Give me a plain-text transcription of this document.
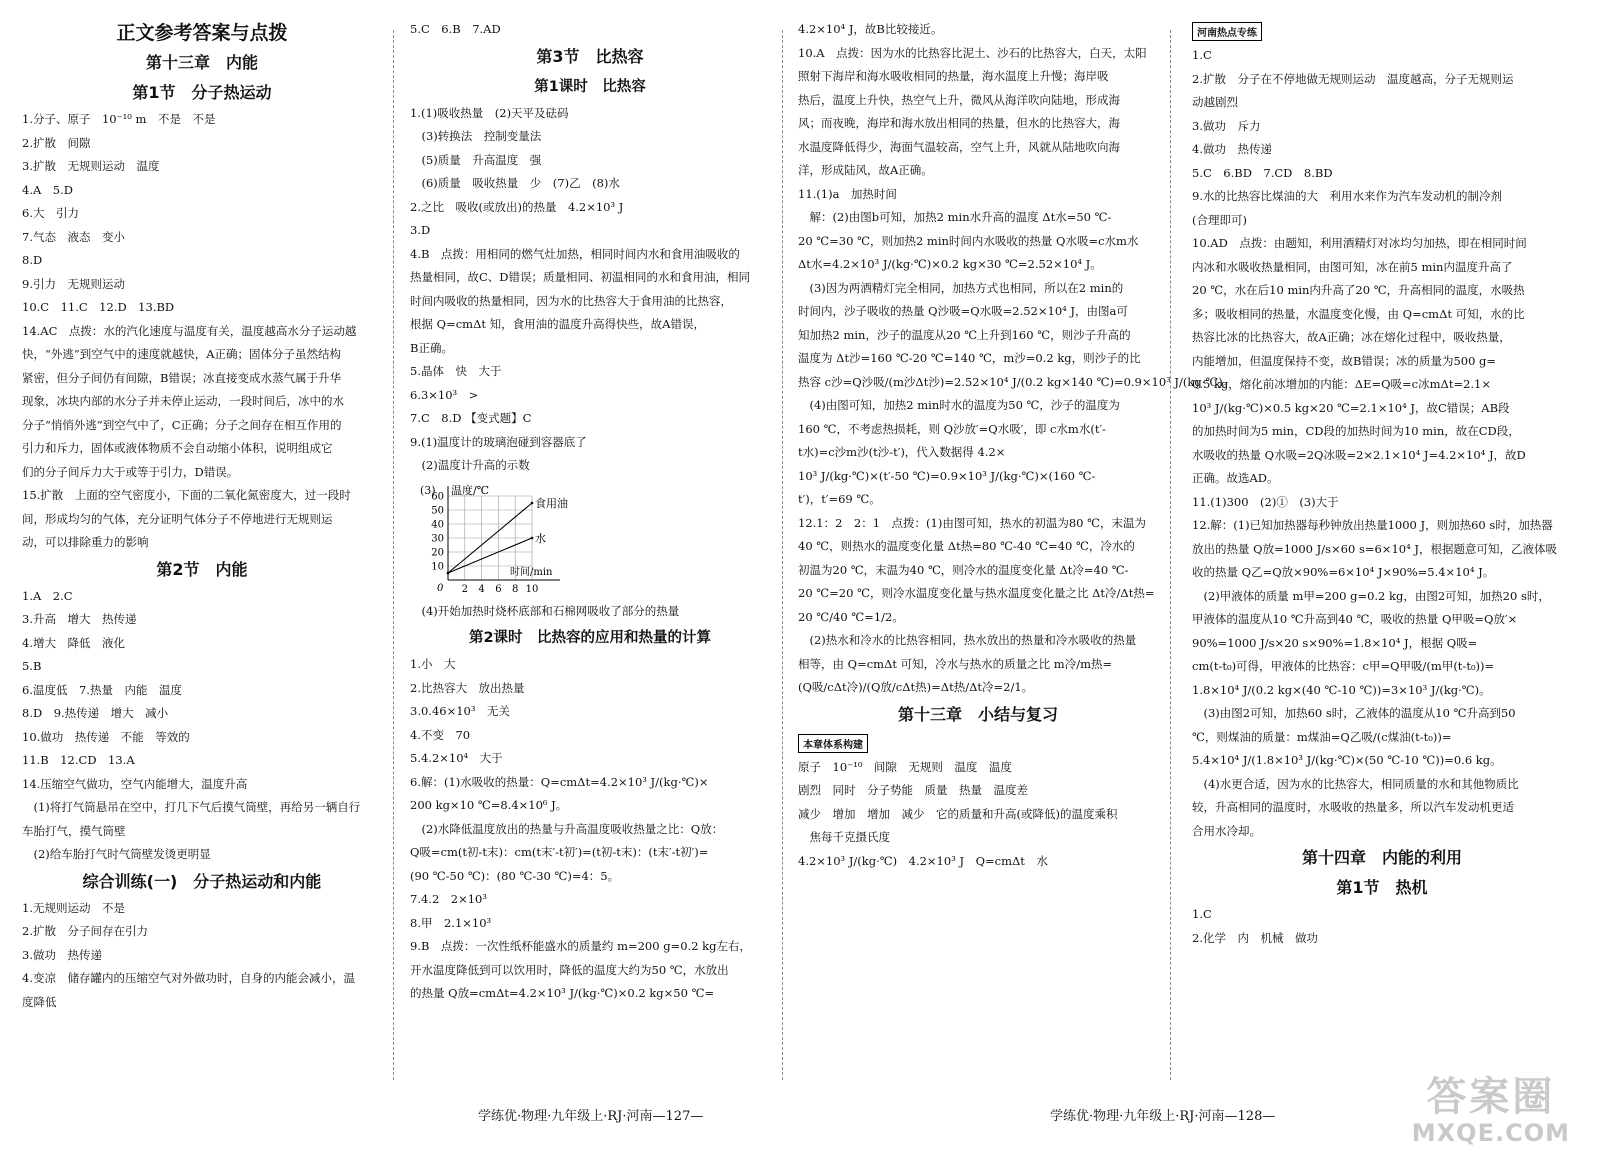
正文参考答案与点拨
第十三章　内能
第1节　分子热运动
1.分子、原子　10⁻¹⁰ m　不是　不是
2.扩散　间隙
3.扩散　无规则运动　温度
4.A　5.D
6.大　引力
7.气态　液态　变小
8.D
9.引力　无规则运动
10.C　11.C　12.D　13.BD
14.AC　点拨：水的汽化速度与温度有关，温度越高水分子运动越
快，“外逃”到空气中的速度就越快，A正确；固体分子虽然结构
紧密，但分子间仍有间隙，B错误；冰直接变成水蒸气属于升华
现象，冰块内部的水分子并未停止运动，一段时间后，冰中的水
分子“悄悄外逃”到空气中了，C正确；分子之间存在相互作用的
引力和斥力，固体或液体物质不会自动缩小体积，说明组成它
们的分子间斥力大于或等于引力，D错误。
15.扩散　上面的空气密度小，下面的二氧化氮密度大，过一段时
间，形成均匀的气体，充分证明气体分子不停地进行无规则运
动，可以排除重力的影响
第2节　内能
1.A　2.C
3.升高　增大　热传递
4.增大　降低　液化
5.B
6.温度低　7.热量　内能　温度
8.D　9.热传递　增大　减小
10.做功　热传递　不能　等效的
11.B　12.CD　13.A
14.压缩空气做功，空气内能增大，温度升高
　(1)将打气筒悬吊在空中，打几下气后摸气筒壁，再给另一辆自行
车胎打气，摸气筒壁
　(2)给车胎打气时气筒壁发烫更明显
综合训练(一)　分子热运动和内能
1.无规则运动　不是
2.扩散　分子间存在引力
3.做功　热传递
4.变凉　储存罐内的压缩空气对外做功时，自身的内能会减小，温
度降低
5.C　6.B　7.AD
第3节　比热容
第1课时　比热容
1.(1)吸收热量　(2)天平及砝码
　(3)转换法　控制变量法
　(5)质量　升高温度　强
　(6)质量　吸收热量　少　(7)乙　(8)水
2.之比　吸收(或放出)的热量　4.2×10³ J
3.D
4.B　点拨：用相同的燃气灶加热，相同时间内水和食用油吸收的
热量相同，故C、D错误；质量相同、初温相同的水和食用油，相同
时间内吸收的热量相同，因为水的比热容大于食用油的比热容，
根据 Q=cmΔt 知，食用油的温度升高得快些，故A错误，
B正确。
5.晶体　快　大于
6.3×10³　>
7.C　8.D 【变式题】C
9.(1)温度计的玻璃泡碰到容器底了
　(2)温度计升高的示数
(3) 温度/℃
时间/min
0
10
20
30
40
50
60
2 4 6 8 10
食用油
水
　(4)开始加热时烧杯底部和石棉网吸收了部分的热量
第2课时　比热容的应用和热量的计算
1.小　大
2.比热容大　放出热量
3.0.46×10³　无关
4.不变　70
5.4.2×10⁴　大于
6.解：(1)水吸收的热量：Q=cmΔt=4.2×10³ J/(kg·℃)×
200 kg×10 ℃=8.4×10⁶ J。
　(2)水降低温度放出的热量与升高温度吸收热量之比：Q放：
Q吸=cm(t初-t末)：cm(t末′-t初′)=(t初-t末)：(t末′-t初′)=
(90 ℃-50 ℃)：(80 ℃-30 ℃)=4：5。
7.4.2　2×10³
8.甲　2.1×10³
9.B　点拨：一次性纸杯能盛水的质量约 m=200 g=0.2 kg左右，
开水温度降低到可以饮用时，降低的温度大约为50 ℃，水放出
的热量 Q放=cmΔt=4.2×10³ J/(kg·℃)×0.2 kg×50 ℃=
4.2×10⁴ J，故B比较接近。
10.A　点拨：因为水的比热容比泥土、沙石的比热容大，白天，太阳
照射下海岸和海水吸收相同的热量，海水温度上升慢；海岸吸
热后，温度上升快，热空气上升，微风从海洋吹向陆地，形成海
风；而夜晚，海岸和海水放出相同的热量，但水的比热容大，海
水温度降低得少，海面气温较高，空气上升，风就从陆地吹向海
洋，形成陆风，故A正确。
11.(1)a　加热时间
　解：(2)由图b可知，加热2 min水升高的温度 Δt水=50 ℃-
20 ℃=30 ℃，则加热2 min时间内水吸收的热量 Q水吸=c水m水
Δt水=4.2×10³ J/(kg·℃)×0.2 kg×30 ℃=2.52×10⁴ J。
　(3)因为两酒精灯完全相同，加热方式也相同，所以在2 min的
时间内，沙子吸收的热量 Q沙吸=Q水吸=2.52×10⁴ J，由图a可
知加热2 min，沙子的温度从20 ℃上升到160 ℃，则沙子升高的
温度为 Δt沙=160 ℃-20 ℃=140 ℃，m沙=0.2 kg，则沙子的比
热容 c沙=Q沙吸/(m沙Δt沙)=2.52×10⁴ J/(0.2 kg×140 ℃)=0.9×10³ J/(kg·℃)。
　(4)由图可知，加热2 min时水的温度为50 ℃，沙子的温度为
160 ℃，不考虑热损耗，则 Q沙放′=Q水吸′，即 c水m水(t′-
t水)=c沙m沙(t沙-t′)，代入数据得 4.2×
10³ J/(kg·℃)×(t′-50 ℃)=0.9×10³ J/(kg·℃)×(160 ℃-
t′)，t′=69 ℃。
12.1：2　2：1　点拨：(1)由图可知，热水的初温为80 ℃，末温为
40 ℃，则热水的温度变化量 Δt热=80 ℃-40 ℃=40 ℃，冷水的
初温为20 ℃，末温为40 ℃，则冷水的温度变化量 Δt冷=40 ℃-
20 ℃=20 ℃，则冷水温度变化量与热水温度变化量之比 Δt冷/Δt热=
20 ℃/40 ℃=1/2。
　(2)热水和冷水的比热容相同，热水放出的热量和冷水吸收的热量
相等，由 Q=cmΔt 可知，冷水与热水的质量之比 m冷/m热=
(Q吸/cΔt冷)/(Q放/cΔt热)=Δt热/Δt冷=2/1。
第十三章　小结与复习
本章体系构建
原子　10⁻¹⁰　间隙　无规则　温度　温度
剧烈　同时　分子势能　质量　热量　温度差
减少　增加　增加　减少　它的质量和升高(或降低)的温度乘积
　焦每千克摄氏度
4.2×10³ J/(kg·℃)　4.2×10³ J　Q=cmΔt　水
河南热点专练
1.C
2.扩散　分子在不停地做无规则运动　温度越高，分子无规则运
动越剧烈
3.做功　斥力
4.做功　热传递
5.C　6.BD　7.CD　8.BD
9.水的比热容比煤油的大　利用水来作为汽车发动机的制冷剂
(合理即可)
10.AD　点拨：由题知，利用酒精灯对冰均匀加热，即在相同时间
内冰和水吸收热量相同，由图可知，冰在前5 min内温度升高了
20 ℃，水在后10 min内升高了20 ℃，升高相同的温度，水吸热
多；吸收相同的热量，水温度变化慢，由 Q=cmΔt 可知，水的比
热容比冰的比热容大，故A正确；冰在熔化过程中，吸收热量，
内能增加，但温度保持不变，故B错误；冰的质量为500 g=
0.5 kg，熔化前冰增加的内能：ΔE=Q吸=c冰mΔt=2.1×
10³ J/(kg·℃)×0.5 kg×20 ℃=2.1×10⁴ J，故C错误；AB段
的加热时间为5 min，CD段的加热时间为10 min，故在CD段，
水吸收的热量 Q水吸=2Q冰吸=2×2.1×10⁴ J=4.2×10⁴ J，故D
正确。故选AD。
11.(1)300　(2)①　(3)大于
12.解：(1)已知加热器每秒钟放出热量1000 J，则加热60 s时，加热器
放出的热量 Q放=1000 J/s×60 s=6×10⁴ J，根据题意可知，乙液体吸
收的热量 Q乙=Q放×90%=6×10⁴ J×90%=5.4×10⁴ J。
　(2)甲液体的质量 m甲=200 g=0.2 kg，由图2可知，加热20 s时，
甲液体的温度从10 ℃升高到40 ℃，吸收的热量 Q甲吸=Q放′×
90%=1000 J/s×20 s×90%=1.8×10⁴ J，根据 Q吸=
cm(t-t₀)可得，甲液体的比热容：c甲=Q甲吸/(m甲(t-t₀))=
1.8×10⁴ J/(0.2 kg×(40 ℃-10 ℃))=3×10³ J/(kg·℃)。
　(3)由图2可知，加热60 s时，乙液体的温度从10 ℃升高到50
℃，则煤油的质量：m煤油=Q乙吸/(c煤油(t-t₀))=
5.4×10⁴ J/(1.8×10³ J/(kg·℃)×(50 ℃-10 ℃))=0.6 kg。
　(4)水更合适，因为水的比热容大，相同质量的水和其他物质比
较，升高相同的温度时，水吸收的热量多，所以汽车发动机更适
合用水冷却。
第十四章　内能的利用
第1节　热机
1.C
2.化学　内　机械　做功
学练优·物理·九年级上·RJ·河南—127—	学练优·物理·九年级上·RJ·河南—128—	答案圈
MXQE.COM
